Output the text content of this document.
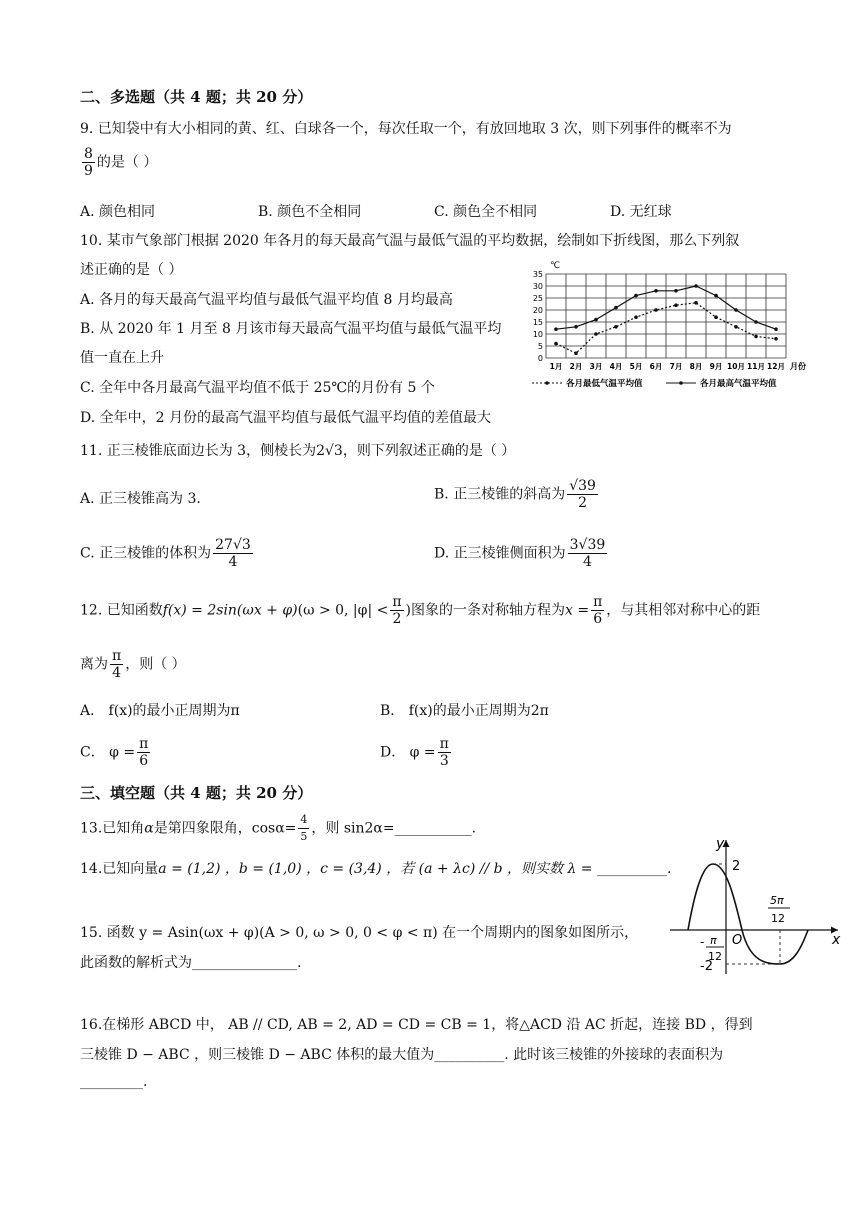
二、多选题（共 4 题；共 20 分）
9. 已知袋中有大小相同的黄、红、白球各一个，每次任取一个，有放回地取 3 次，则下列事件的概率不为
$\frac{8}{9}$ 的是（ ）
A. 颜色相同	B. 颜色不全相同	C. 颜色全不相同	D. 无红球
10. 某市气象部门根据 2020 年各月的每天最高气温与最低气温的平均数据，绘制如下折线图，那么下列叙
述正确的是（ ）
A. 各月的每天最高气温平均值与最低气温平均值 8 月均最高
B. 从 2020 年 1 月至 8 月该市每天最高气温平均值与最低气温平均
值一直在上升
C. 全年中各月最高气温平均值不低于 25℃的月份有 5 个
D. 全年中，2 月份的最高气温平均值与最低气温平均值的差值最大
0
5
10
15
20
25
30
35
℃
1月 2月 3月 4月 5月 6月 7月 8月 9月 10月 11月 12月 月份
各月最低气温平均值	各月最高气温平均值
11. 正三棱锥底面边长为 3，侧棱长为2√3，则下列叙述正确的是（ ）
A. 正三棱锥高为 3.	B. 正三棱锥的斜高为 $\frac{√39}{2}$
C. 正三棱锥的体积为 $\frac{27√3}{4}$	D. 正三棱锥侧面积为 $\frac{3√39}{4}$
12. 已知函数f(x) = 2sin(ωx + φ)(ω > 0, $|\varphi| < \frac{\pi}{2}$ )图象的一条对称轴方程为$x = \frac{\pi}{6}$ ，与其相邻对称中心的距
离为 $\frac{\pi}{4}$ ，则（ ）
A． f(x)的最小正周期为π	B． f(x)的最小正周期为2π
C． $\varphi = \frac{\pi}{6}$	D． $\varphi = \frac{\pi}{3}$
三、填空题（共 4 题；共 20 分）
13.已知角α是第四象限角，$\cos\alpha= \frac{4}{5}$ ，则 sin2α=___________.
14.已知向量a = (1,2) ，b = (1,0) ，c = (3,4) ，若 (a + λc) // b ，则实数 λ = __________.
15. 函数 y = Asin(ωx + φ)(A > 0, ω > 0, 0 < φ < π) 在一个周期内的图象如图所示，
此函数的解析式为_______________.
y
x
O
2
-2
- π
12
5π
12
16.在梯形 ABCD 中， AB // CD, AB = 2, AD = CD = CB = 1，将△ACD 沿 AC 折起，连接 BD ，得到
三棱锥 D − ABC ，则三棱锥 D − ABC 体积的最大值为__________. 此时该三棱锥的外接球的表面积为
_________.
